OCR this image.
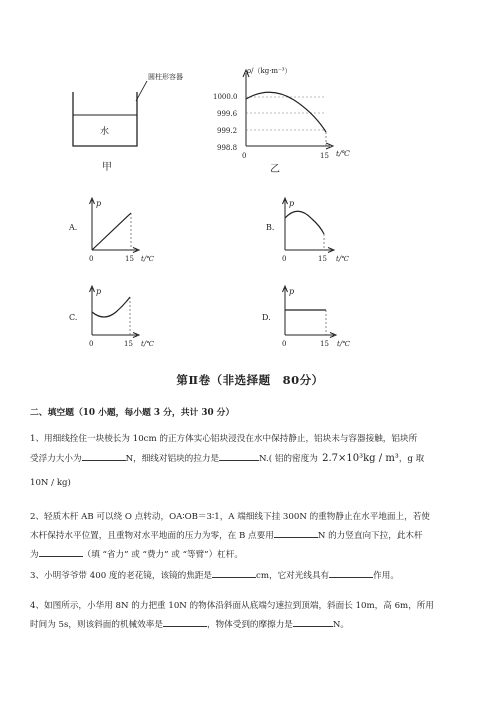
圆柱形容器
水
甲
ρ/（kg·m⁻³）
1000.0
999.6
999.2
998.8
0	15 t/℃
乙
A.
p
0	15 t/℃
B.
p
0	15 t/℃
C.
p
0	15 t/℃
D.
p
0	15 t/℃
第Ⅱ卷（非选择题　80分）
二、填空题（10 小题，每小题 3 分，共计 30 分）
1、用细线拴住一块棱长为 10cm 的正方体实心铝块浸没在水中保持静止，铝块未与容器接触，铝块所
受浮力大小为	N，细线对铝块的拉力是	N.( 铝的密度为  2.7×10³kg / m³，g 取
10N / kg)
2、轻质木杆 AB 可以绕 O 点转动，OA∶OB＝3∶1，A 端细线下挂 300N 的重物静止在水平地面上，若使
木杆保持水平位置，且重物对水平地面的压力为零，在 B 点要用	N 的力竖直向下拉，此木杆
为	（填 “省力” 或 “费力” 或 “等臂”）杠杆。
3、小明爷爷带 400 度的老花镜，该镜的焦距是	cm，它对光线具有	作用。
4、如图所示，小华用 8N 的力把重 10N 的物体沿斜面从底端匀速拉到顶端，斜面长 10m，高 6m，所用
时间为 5s，则该斜面的机械效率是	，物体受到的摩擦力是	N。
